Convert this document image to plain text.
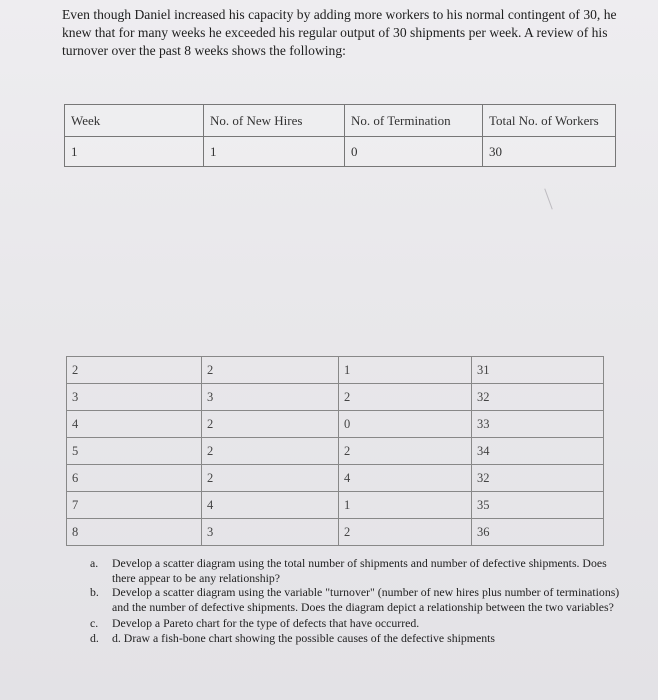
Even though Daniel increased his capacity by adding more workers to his normal contingent of 30, he knew that for many weeks he exceeded his regular output of 30 shipments per week. A review of his turnover over the past 8 weeks shows the following:
Week	No. of New Hires	No. of Termination	Total No. of Workers
1	1	0	30
2	2	1	31
3	3	2	32
4	2	0	33
5	2	2	34
6	2	4	32
7	4	1	35
8	3	2	36
a. Develop a scatter diagram using the total number of shipments and number of defective shipments. Does there appear to be any relationship?
b. Develop a scatter diagram using the variable "turnover" (number of new hires plus number of terminations) and the number of defective shipments. Does the diagram depict a relationship between the two variables?
c. Develop a Pareto chart for the type of defects that have occurred.
d. d. Draw a fish-bone chart showing the possible causes of the defective shipments
